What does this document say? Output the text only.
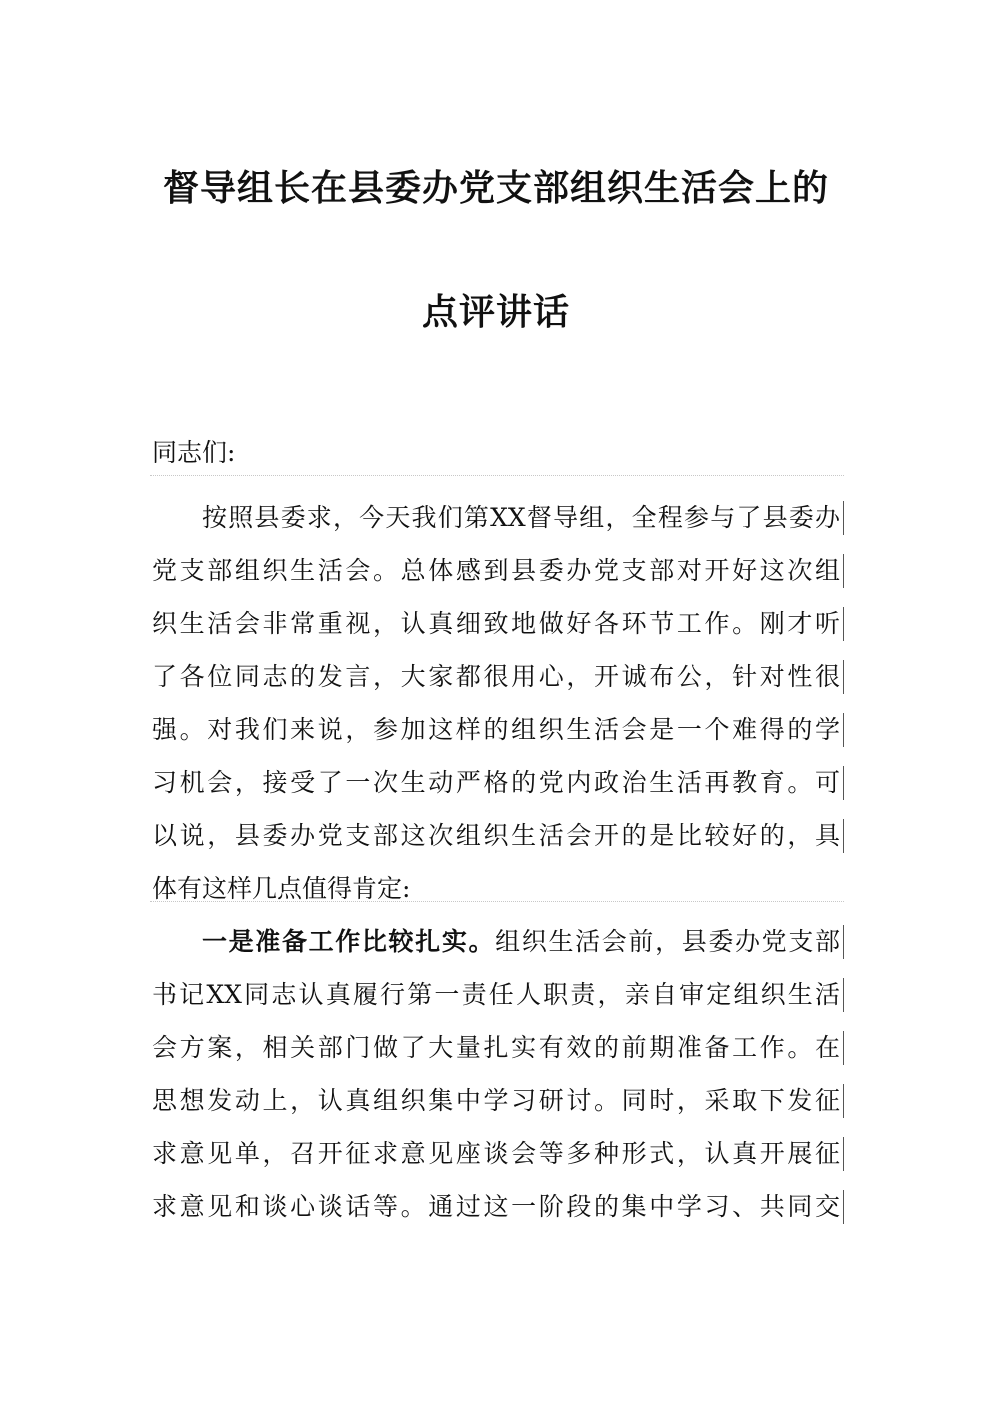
督导组长在县委办党支部组织生活会上的
点评讲话

同志们:

按照县委求，今天我们第XX督导组，全程参与了县委办
党支部组织生活会。总体感到县委办党支部对开好这次组
织生活会非常重视，认真细致地做好各环节工作。刚才听
了各位同志的发言，大家都很用心，开诚布公，针对性很
强。对我们来说，参加这样的组织生活会是一个难得的学
习机会，接受了一次生动严格的党内政治生活再教育。可
以说，县委办党支部这次组织生活会开的是比较好的，具
体有这样几点值得肯定:
一是准备工作比较扎实。组织生活会前，县委办党支部
书记XX同志认真履行第一责任人职责，亲自审定组织生活
会方案，相关部门做了大量扎实有效的前期准备工作。在
思想发动上，认真组织集中学习研讨。同时，采取下发征
求意见单，召开征求意见座谈会等多种形式，认真开展征
求意见和谈心谈话等。通过这一阶段的集中学习、共同交
